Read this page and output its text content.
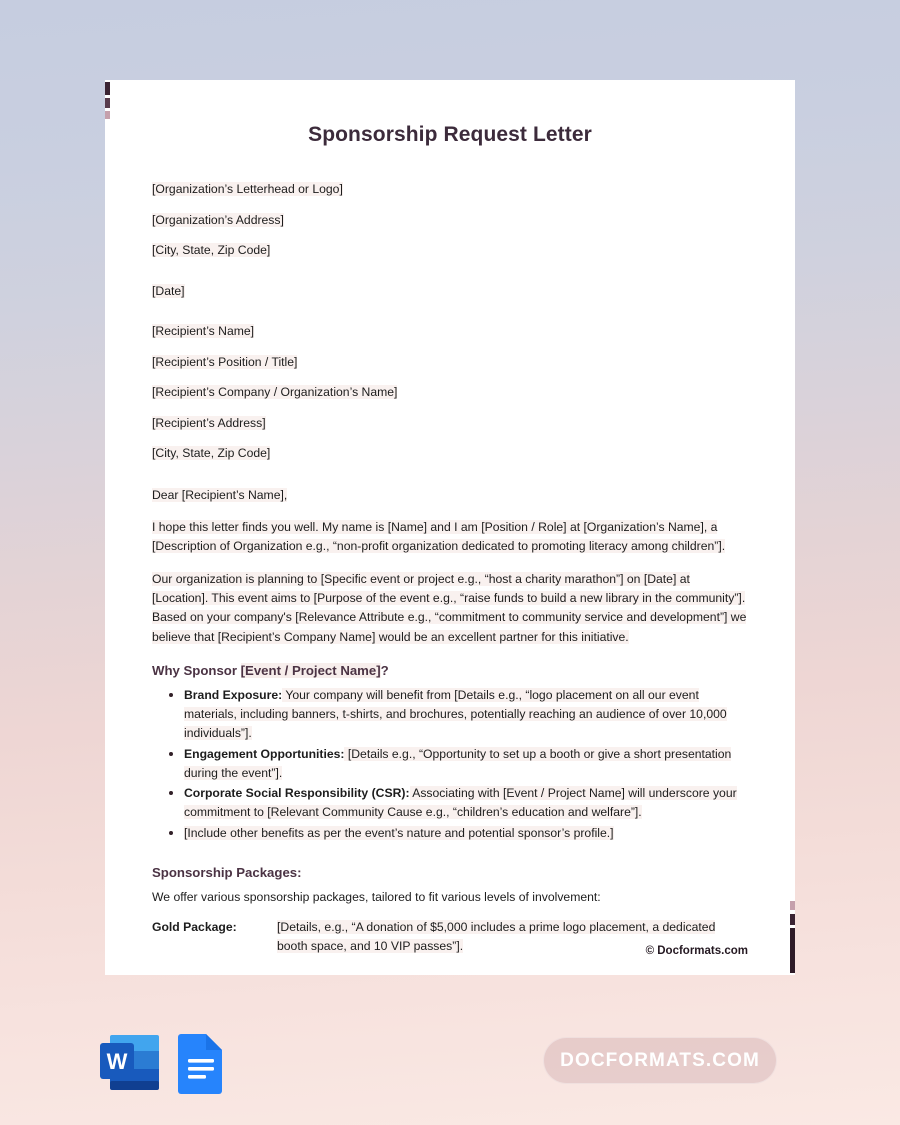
Sponsorship Request Letter
[Organization’s Letterhead or Logo]
[Organization’s Address]
[City, State, Zip Code]
[Date]
[Recipient’s Name]
[Recipient’s Position / Title]
[Recipient’s Company / Organization’s Name]
[Recipient’s Address]
[City, State, Zip Code]

Dear [Recipient’s Name],

I hope this letter finds you well. My name is [Name] and I am [Position / Role] at [Organization’s Name], a [Description of Organization e.g., “non-profit organization dedicated to promoting literacy among children”].

Our organization is planning to [Specific event or project e.g., “host a charity marathon”] on [Date] at [Location]. This event aims to [Purpose of the event e.g., “raise funds to build a new library in the community”]. Based on your company's [Relevance Attribute e.g., “commitment to community service and development”] we believe that [Recipient’s Company Name] would be an excellent partner for this initiative.

Why Sponsor [Event / Project Name]?
Brand Exposure: Your company will benefit from [Details e.g., “logo placement on all our event materials, including banners, t-shirts, and brochures, potentially reaching an audience of over 10,000 individuals”].
Engagement Opportunities: [Details e.g., “Opportunity to set up a booth or give a short presentation during the event”].
Corporate Social Responsibility (CSR): Associating with [Event / Project Name] will underscore your commitment to [Relevant Community Cause e.g., “children’s education and welfare”].
[Include other benefits as per the event’s nature and potential sponsor’s profile.]
Sponsorship Packages:

We offer various sponsorship packages, tailored to fit various levels of involvement:

Gold Package:	[Details, e.g., “A donation of $5,000 includes a prime logo placement, a dedicated booth space, and 10 VIP passes”].	© Docformats.com
W	DOCFORMATS.COM
